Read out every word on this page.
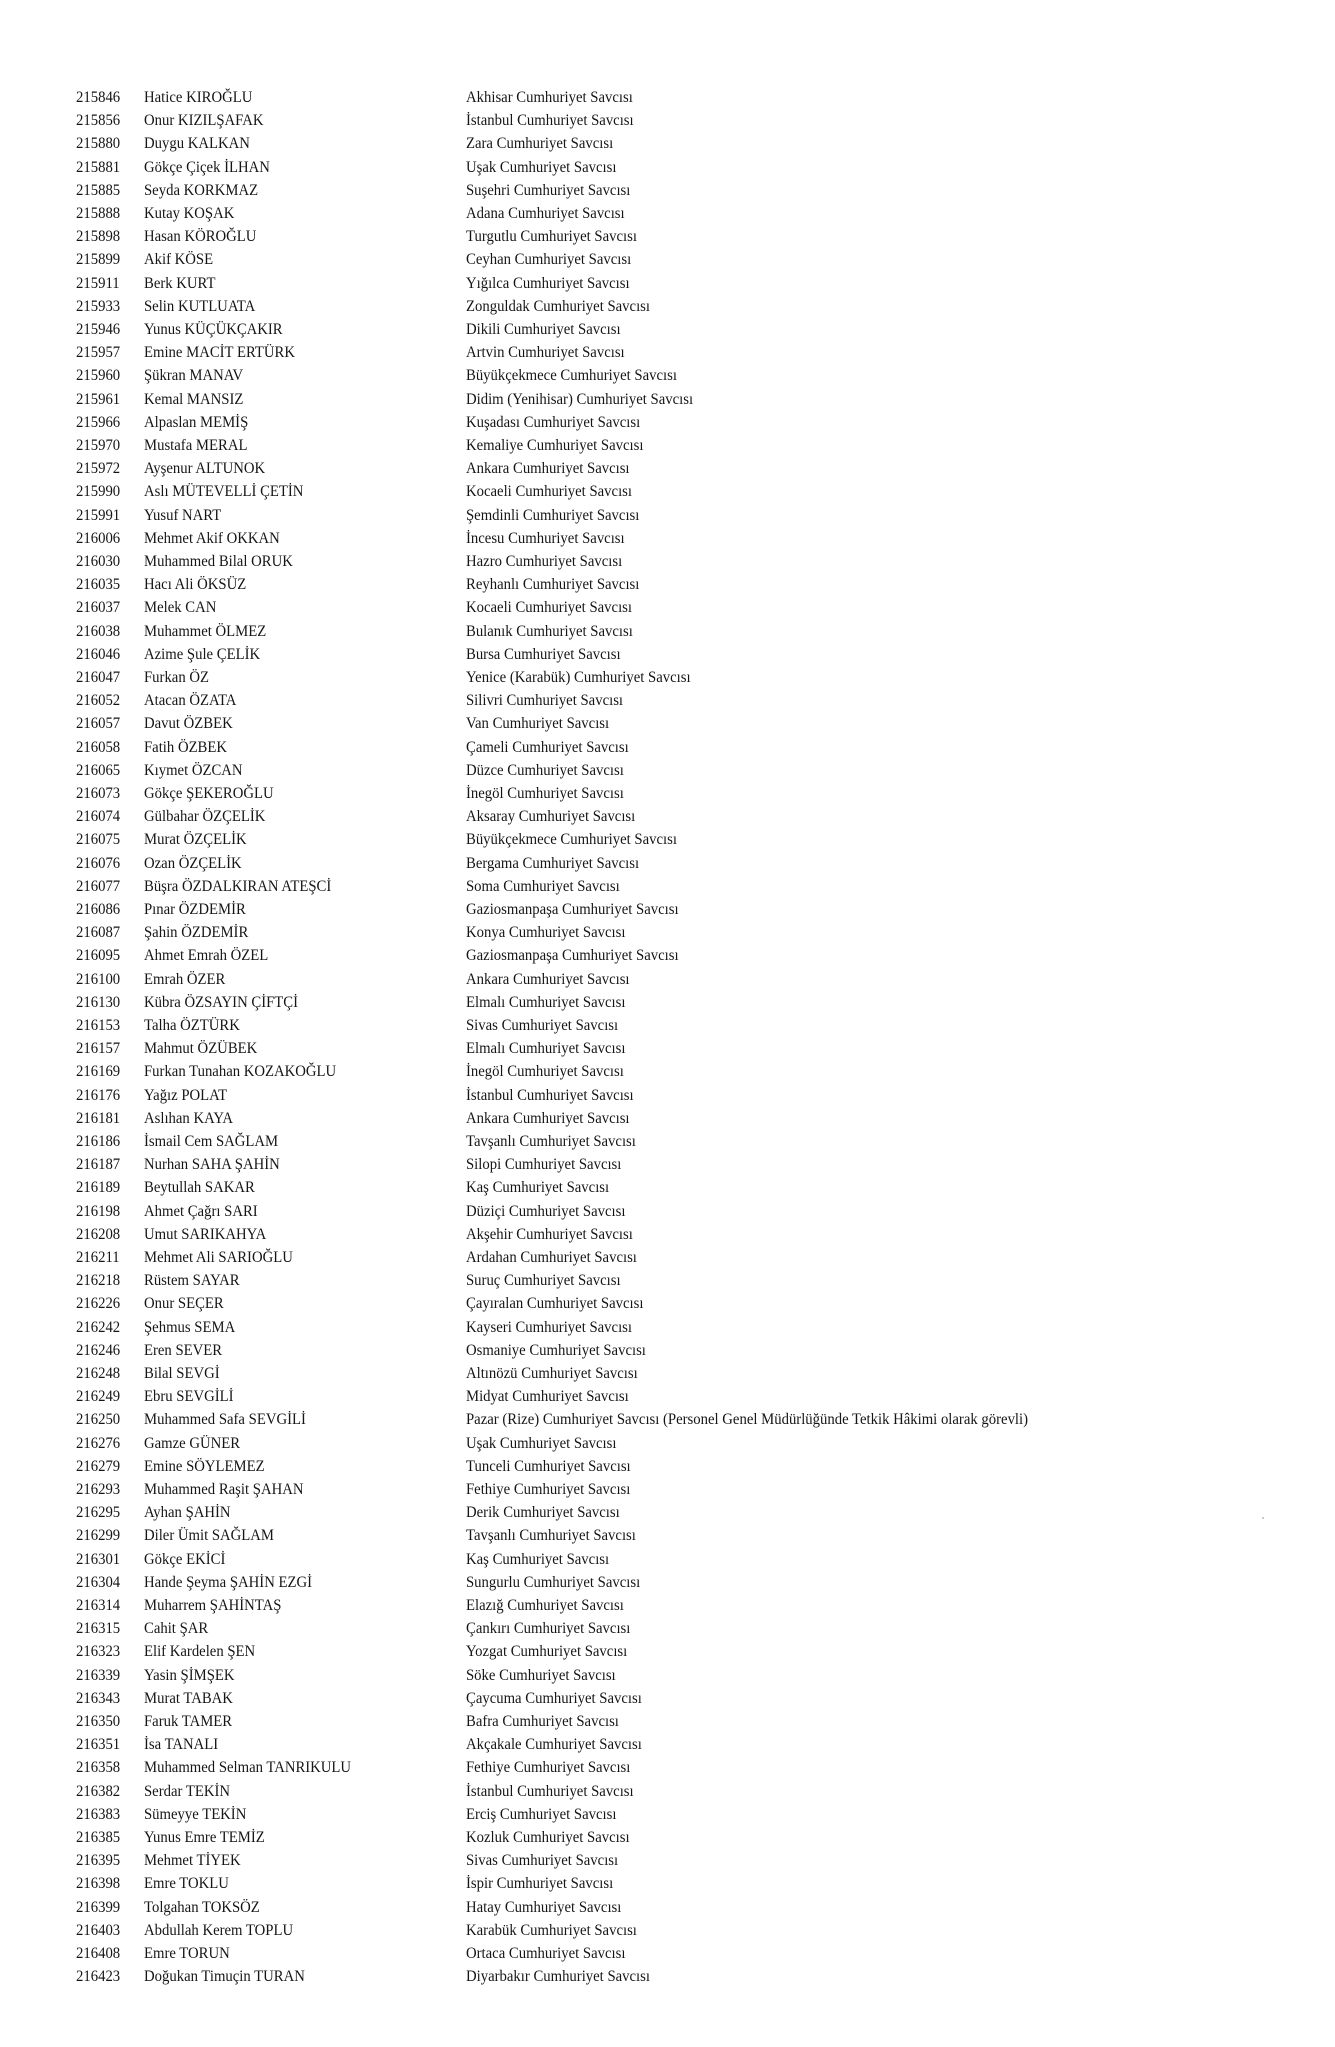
215846 Hatice KIROĞLU	Akhisar Cumhuriyet Savcısı
215856 Onur KIZILŞAFAK	İstanbul Cumhuriyet Savcısı
215880 Duygu KALKAN	Zara Cumhuriyet Savcısı
215881 Gökçe Çiçek İLHAN	Uşak Cumhuriyet Savcısı
215885 Seyda KORKMAZ	Suşehri Cumhuriyet Savcısı
215888 Kutay KOŞAK	Adana Cumhuriyet Savcısı
215898 Hasan KÖROĞLU	Turgutlu Cumhuriyet Savcısı
215899 Akif KÖSE	Ceyhan Cumhuriyet Savcısı
215911 Berk KURT	Yığılca Cumhuriyet Savcısı
215933 Selin KUTLUATA	Zonguldak Cumhuriyet Savcısı
215946 Yunus KÜÇÜKÇAKIR	Dikili Cumhuriyet Savcısı
215957 Emine MACİT ERTÜRK	Artvin Cumhuriyet Savcısı
215960 Şükran MANAV	Büyükçekmece Cumhuriyet Savcısı
215961 Kemal MANSIZ	Didim (Yenihisar) Cumhuriyet Savcısı
215966 Alpaslan MEMİŞ	Kuşadası Cumhuriyet Savcısı
215970 Mustafa MERAL	Kemaliye Cumhuriyet Savcısı
215972 Ayşenur ALTUNOK	Ankara Cumhuriyet Savcısı
215990 Aslı MÜTEVELLİ ÇETİN	Kocaeli Cumhuriyet Savcısı
215991 Yusuf NART	Şemdinli Cumhuriyet Savcısı
216006 Mehmet Akif OKKAN	İncesu Cumhuriyet Savcısı
216030 Muhammed Bilal ORUK	Hazro Cumhuriyet Savcısı
216035 Hacı Ali ÖKSÜZ	Reyhanlı Cumhuriyet Savcısı
216037 Melek CAN	Kocaeli Cumhuriyet Savcısı
216038 Muhammet ÖLMEZ	Bulanık Cumhuriyet Savcısı
216046 Azime Şule ÇELİK	Bursa Cumhuriyet Savcısı
216047 Furkan ÖZ	Yenice (Karabük) Cumhuriyet Savcısı
216052 Atacan ÖZATA	Silivri Cumhuriyet Savcısı
216057 Davut ÖZBEK	Van Cumhuriyet Savcısı
216058 Fatih ÖZBEK	Çameli Cumhuriyet Savcısı
216065 Kıymet ÖZCAN	Düzce Cumhuriyet Savcısı
216073 Gökçe ŞEKEROĞLU	İnegöl Cumhuriyet Savcısı
216074 Gülbahar ÖZÇELİK	Aksaray Cumhuriyet Savcısı
216075 Murat ÖZÇELİK	Büyükçekmece Cumhuriyet Savcısı
216076 Ozan ÖZÇELİK	Bergama Cumhuriyet Savcısı
216077 Büşra ÖZDALKIRAN ATEŞCİ	Soma Cumhuriyet Savcısı
216086 Pınar ÖZDEMİR	Gaziosmanpaşa Cumhuriyet Savcısı
216087 Şahin ÖZDEMİR	Konya Cumhuriyet Savcısı
216095 Ahmet Emrah ÖZEL	Gaziosmanpaşa Cumhuriyet Savcısı
216100 Emrah ÖZER	Ankara Cumhuriyet Savcısı
216130 Kübra ÖZSAYIN ÇİFTÇİ	Elmalı Cumhuriyet Savcısı
216153 Talha ÖZTÜRK	Sivas Cumhuriyet Savcısı
216157 Mahmut ÖZÜBEK	Elmalı Cumhuriyet Savcısı
216169 Furkan Tunahan KOZAKOĞLU	İnegöl Cumhuriyet Savcısı
216176 Yağız POLAT	İstanbul Cumhuriyet Savcısı
216181 Aslıhan KAYA	Ankara Cumhuriyet Savcısı
216186 İsmail Cem SAĞLAM	Tavşanlı Cumhuriyet Savcısı
216187 Nurhan SAHA ŞAHİN	Silopi Cumhuriyet Savcısı
216189 Beytullah SAKAR	Kaş Cumhuriyet Savcısı
216198 Ahmet Çağrı SARI	Düziçi Cumhuriyet Savcısı
216208 Umut SARIKAHYA	Akşehir Cumhuriyet Savcısı
216211 Mehmet Ali SARIOĞLU	Ardahan Cumhuriyet Savcısı
216218 Rüstem SAYAR	Suruç Cumhuriyet Savcısı
216226 Onur SEÇER	Çayıralan Cumhuriyet Savcısı
216242 Şehmus SEMA	Kayseri Cumhuriyet Savcısı
216246 Eren SEVER	Osmaniye Cumhuriyet Savcısı
216248 Bilal SEVGİ	Altınözü Cumhuriyet Savcısı
216249 Ebru SEVGİLİ	Midyat Cumhuriyet Savcısı
216250 Muhammed Safa SEVGİLİ	Pazar (Rize) Cumhuriyet Savcısı (Personel Genel Müdürlüğünde Tetkik Hâkimi olarak görevli)
216276 Gamze GÜNER	Uşak Cumhuriyet Savcısı
216279 Emine SÖYLEMEZ	Tunceli Cumhuriyet Savcısı
216293 Muhammed Raşit ŞAHAN	Fethiye Cumhuriyet Savcısı
216295 Ayhan ŞAHİN	Derik Cumhuriyet Savcısı
216299 Diler Ümit SAĞLAM	Tavşanlı Cumhuriyet Savcısı
216301 Gökçe EKİCİ	Kaş Cumhuriyet Savcısı
216304 Hande Şeyma ŞAHİN EZGİ	Sungurlu Cumhuriyet Savcısı
216314 Muharrem ŞAHİNTAŞ	Elazığ Cumhuriyet Savcısı
216315 Cahit ŞAR	Çankırı Cumhuriyet Savcısı
216323 Elif Kardelen ŞEN	Yozgat Cumhuriyet Savcısı
216339 Yasin ŞİMŞEK	Söke Cumhuriyet Savcısı
216343 Murat TABAK	Çaycuma Cumhuriyet Savcısı
216350 Faruk TAMER	Bafra Cumhuriyet Savcısı
216351 İsa TANALI	Akçakale Cumhuriyet Savcısı
216358 Muhammed Selman TANRIKULU	Fethiye Cumhuriyet Savcısı
216382 Serdar TEKİN	İstanbul Cumhuriyet Savcısı
216383 Sümeyye TEKİN	Erciş Cumhuriyet Savcısı
216385 Yunus Emre TEMİZ	Kozluk Cumhuriyet Savcısı
216395 Mehmet TİYEK	Sivas Cumhuriyet Savcısı
216398 Emre TOKLU	İspir Cumhuriyet Savcısı
216399 Tolgahan TOKSÖZ	Hatay Cumhuriyet Savcısı
216403 Abdullah Kerem TOPLU	Karabük Cumhuriyet Savcısı
216408 Emre TORUN	Ortaca Cumhuriyet Savcısı
216423 Doğukan Timuçin TURAN	Diyarbakır Cumhuriyet Savcısı
